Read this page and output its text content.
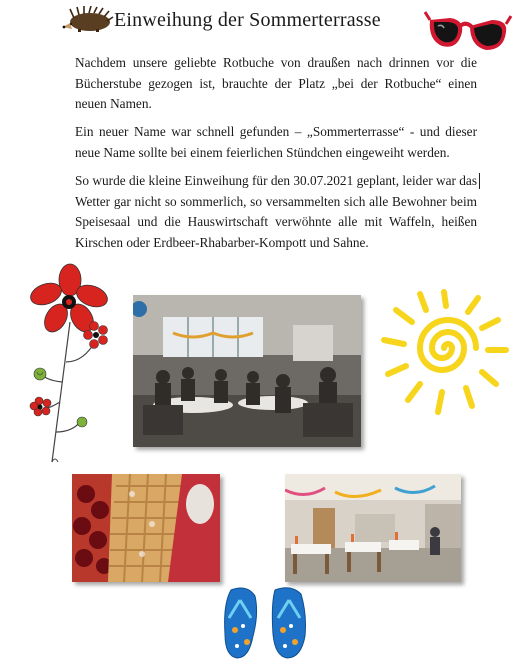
Einweihung der Sommerterrasse

Nachdem unsere geliebte Rotbuche von draußen nach drinnen vor die Bücherstube gezogen ist, brauchte der Platz „bei der Rotbuche“ einen neuen Namen.

Ein neuer Name war schnell gefunden – „Sommerterrasse“ - und dieser neue Name sollte bei einem feierlichen Stündchen eingeweiht werden.

So wurde die kleine Einweihung für den 30.07.2021 geplant, leider war das Wetter gar nicht so sommerlich, so versammelten sich alle Bewohner beim Speisesaal und die Hauswirtschaft verwöhnte alle mit Waffeln, heißen Kirschen oder Erdbeer-Rhabarber-Kompott und Sahne.
